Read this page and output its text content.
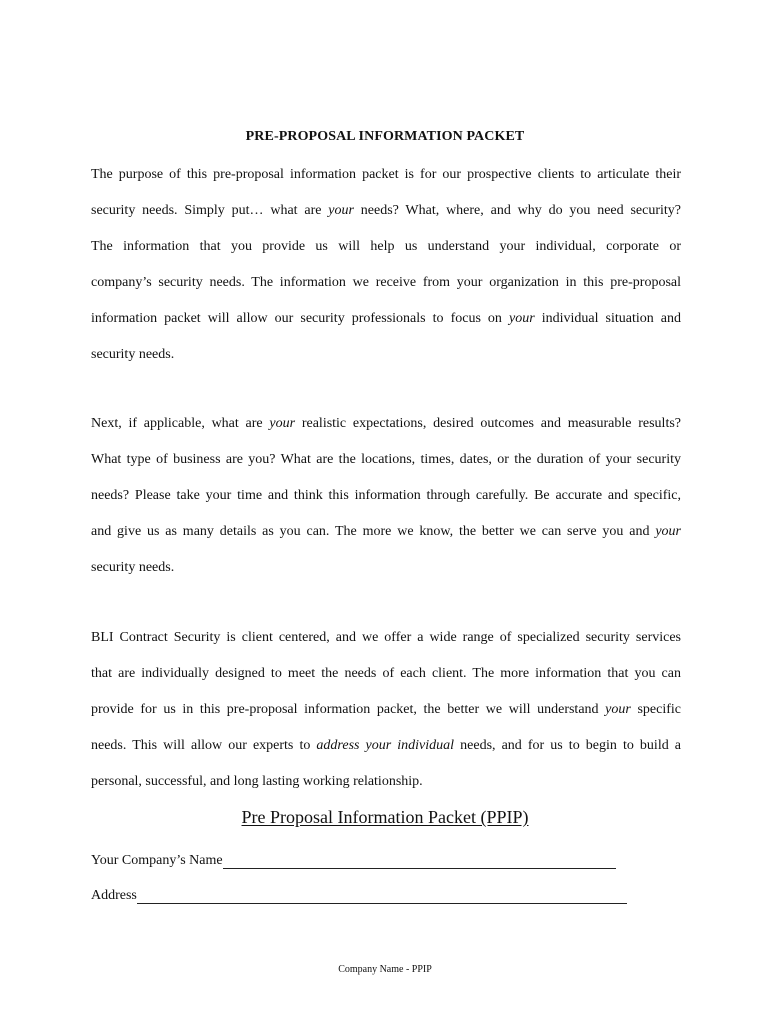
PRE-PROPOSAL INFORMATION PACKET
The purpose of this pre-proposal information packet is for our prospective clients to articulate their
security needs. Simply put… what are your needs? What, where, and why do you need security?
The information that you provide us will help us understand your individual, corporate or
company’s security needs. The information we receive from your organization in this pre-proposal
information packet will allow our security professionals to focus on your individual situation and
security needs.
Next, if applicable, what are your realistic expectations, desired outcomes and measurable results?
What type of business are you? What are the locations, times, dates, or the duration of your security
needs? Please take your time and think this information through carefully. Be accurate and specific,
and give us as many details as you can. The more we know, the better we can serve you and your
security needs.
BLI Contract Security is client centered, and we offer a wide range of specialized security services
that are individually designed to meet the needs of each client. The more information that you can
provide for us in this pre-proposal information packet, the better we will understand your specific
needs. This will allow our experts to address your individual needs, and for us to begin to build a
personal, successful, and long lasting working relationship.
Pre Proposal Information Packet (PPIP)
Your Company’s Name
Address
Company Name - PPIP
